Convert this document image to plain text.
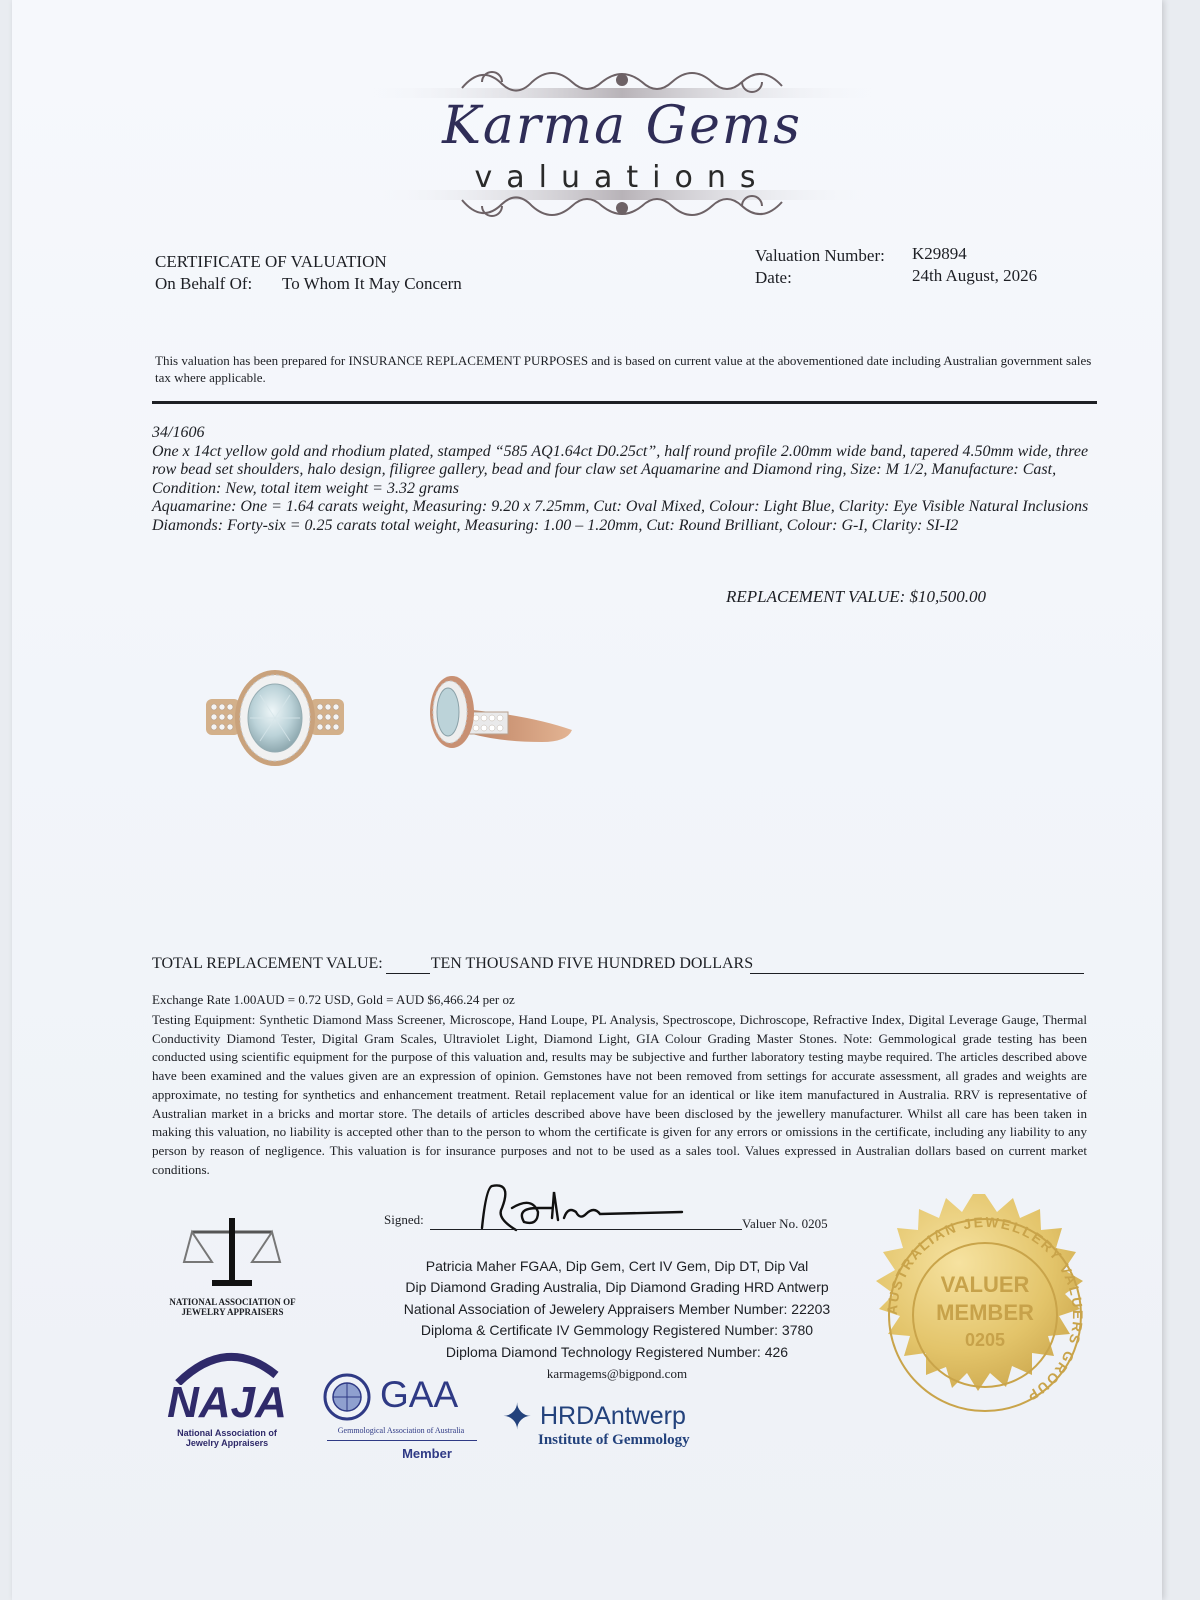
Karma Gems
valuations
CERTIFICATE OF VALUATION
On Behalf Of: To Whom It May Concern
Valuation Number: K29894
Date:	24th August, 2026
This valuation has been prepared for INSURANCE REPLACEMENT PURPOSES and is based on current value at the abovementioned date including Australian government sales tax where applicable.

34/1606

One x 14ct yellow gold and rhodium plated, stamped “585 AQ1.64ct D0.25ct”, half round profile 2.00mm wide band, tapered 4.50mm wide, three row bead set shoulders, halo design, filigree gallery, bead and four claw set Aquamarine and Diamond ring, Size: M 1/2, Manufacture: Cast, Condition: New, total item weight = 3.32 grams

Aquamarine: One = 1.64 carats weight, Measuring: 9.20 x 7.25mm, Cut: Oval Mixed, Colour: Light Blue, Clarity: Eye Visible Natural Inclusions

Diamonds: Forty-six = 0.25 carats total weight, Measuring: 1.00 – 1.20mm, Cut: Round Brilliant, Colour: G-I, Clarity: SI-I2

REPLACEMENT VALUE: $10,500.00
TOTAL REPLACEMENT VALUE:	TEN THOUSAND FIVE HUNDRED DOLLARS
Exchange Rate 1.00AUD = 0.72 USD, Gold = AUD $6,466.24 per oz
Testing Equipment: Synthetic Diamond Mass Screener, Microscope, Hand Loupe, PL Analysis, Spectroscope, Dichroscope, Refractive Index, Digital Leverage Gauge, Thermal Conductivity Diamond Tester, Digital Gram Scales, Ultraviolet Light, Diamond Light, GIA Colour Grading Master Stones. Note: Gemmological grade testing has been conducted using scientific equipment for the purpose of this valuation and, results may be subjective and further laboratory testing maybe required. The articles described above have been examined and the values given are an expression of opinion. Gemstones have not been removed from settings for accurate assessment, all grades and weights are approximate, no testing for synthetics and enhancement treatment. Retail replacement value for an identical or like item manufactured in Australia. RRV is representative of Australian market in a bricks and mortar store. The details of articles described above have been disclosed by the jewellery manufacturer. Whilst all care has been taken in making this valuation, no liability is accepted other than to the person to whom the certificate is given for any errors or omissions in the certificate, including any liability to any person by reason of negligence. This valuation is for insurance purposes and not to be used as a sales tool. Values expressed in Australian dollars based on current market conditions.
Signed:	Valuer No. 0205
Patricia Maher FGAA, Dip Gem, Cert IV Gem, Dip DT, Dip Val
Dip Diamond Grading Australia, Dip Diamond Grading HRD Antwerp
National Association of Jewelery Appraisers Member Number: 22203
Diploma & Certificate IV Gemmology Registered Number: 3780
Diploma Diamond Technology Registered Number: 426
karmagems@bigpond.com
NATIONAL ASSOCIATION OF JEWELRY APPRAISERS
NAJA
National Association of Jewelry Appraisers
GAA
Gemmological Association of Australia
Member
✦ HRDAntwerp
Institute of Gemmology
AUSTRALIAN JEWELLERY VALUERS GROUP
VALUER
MEMBER
0205
